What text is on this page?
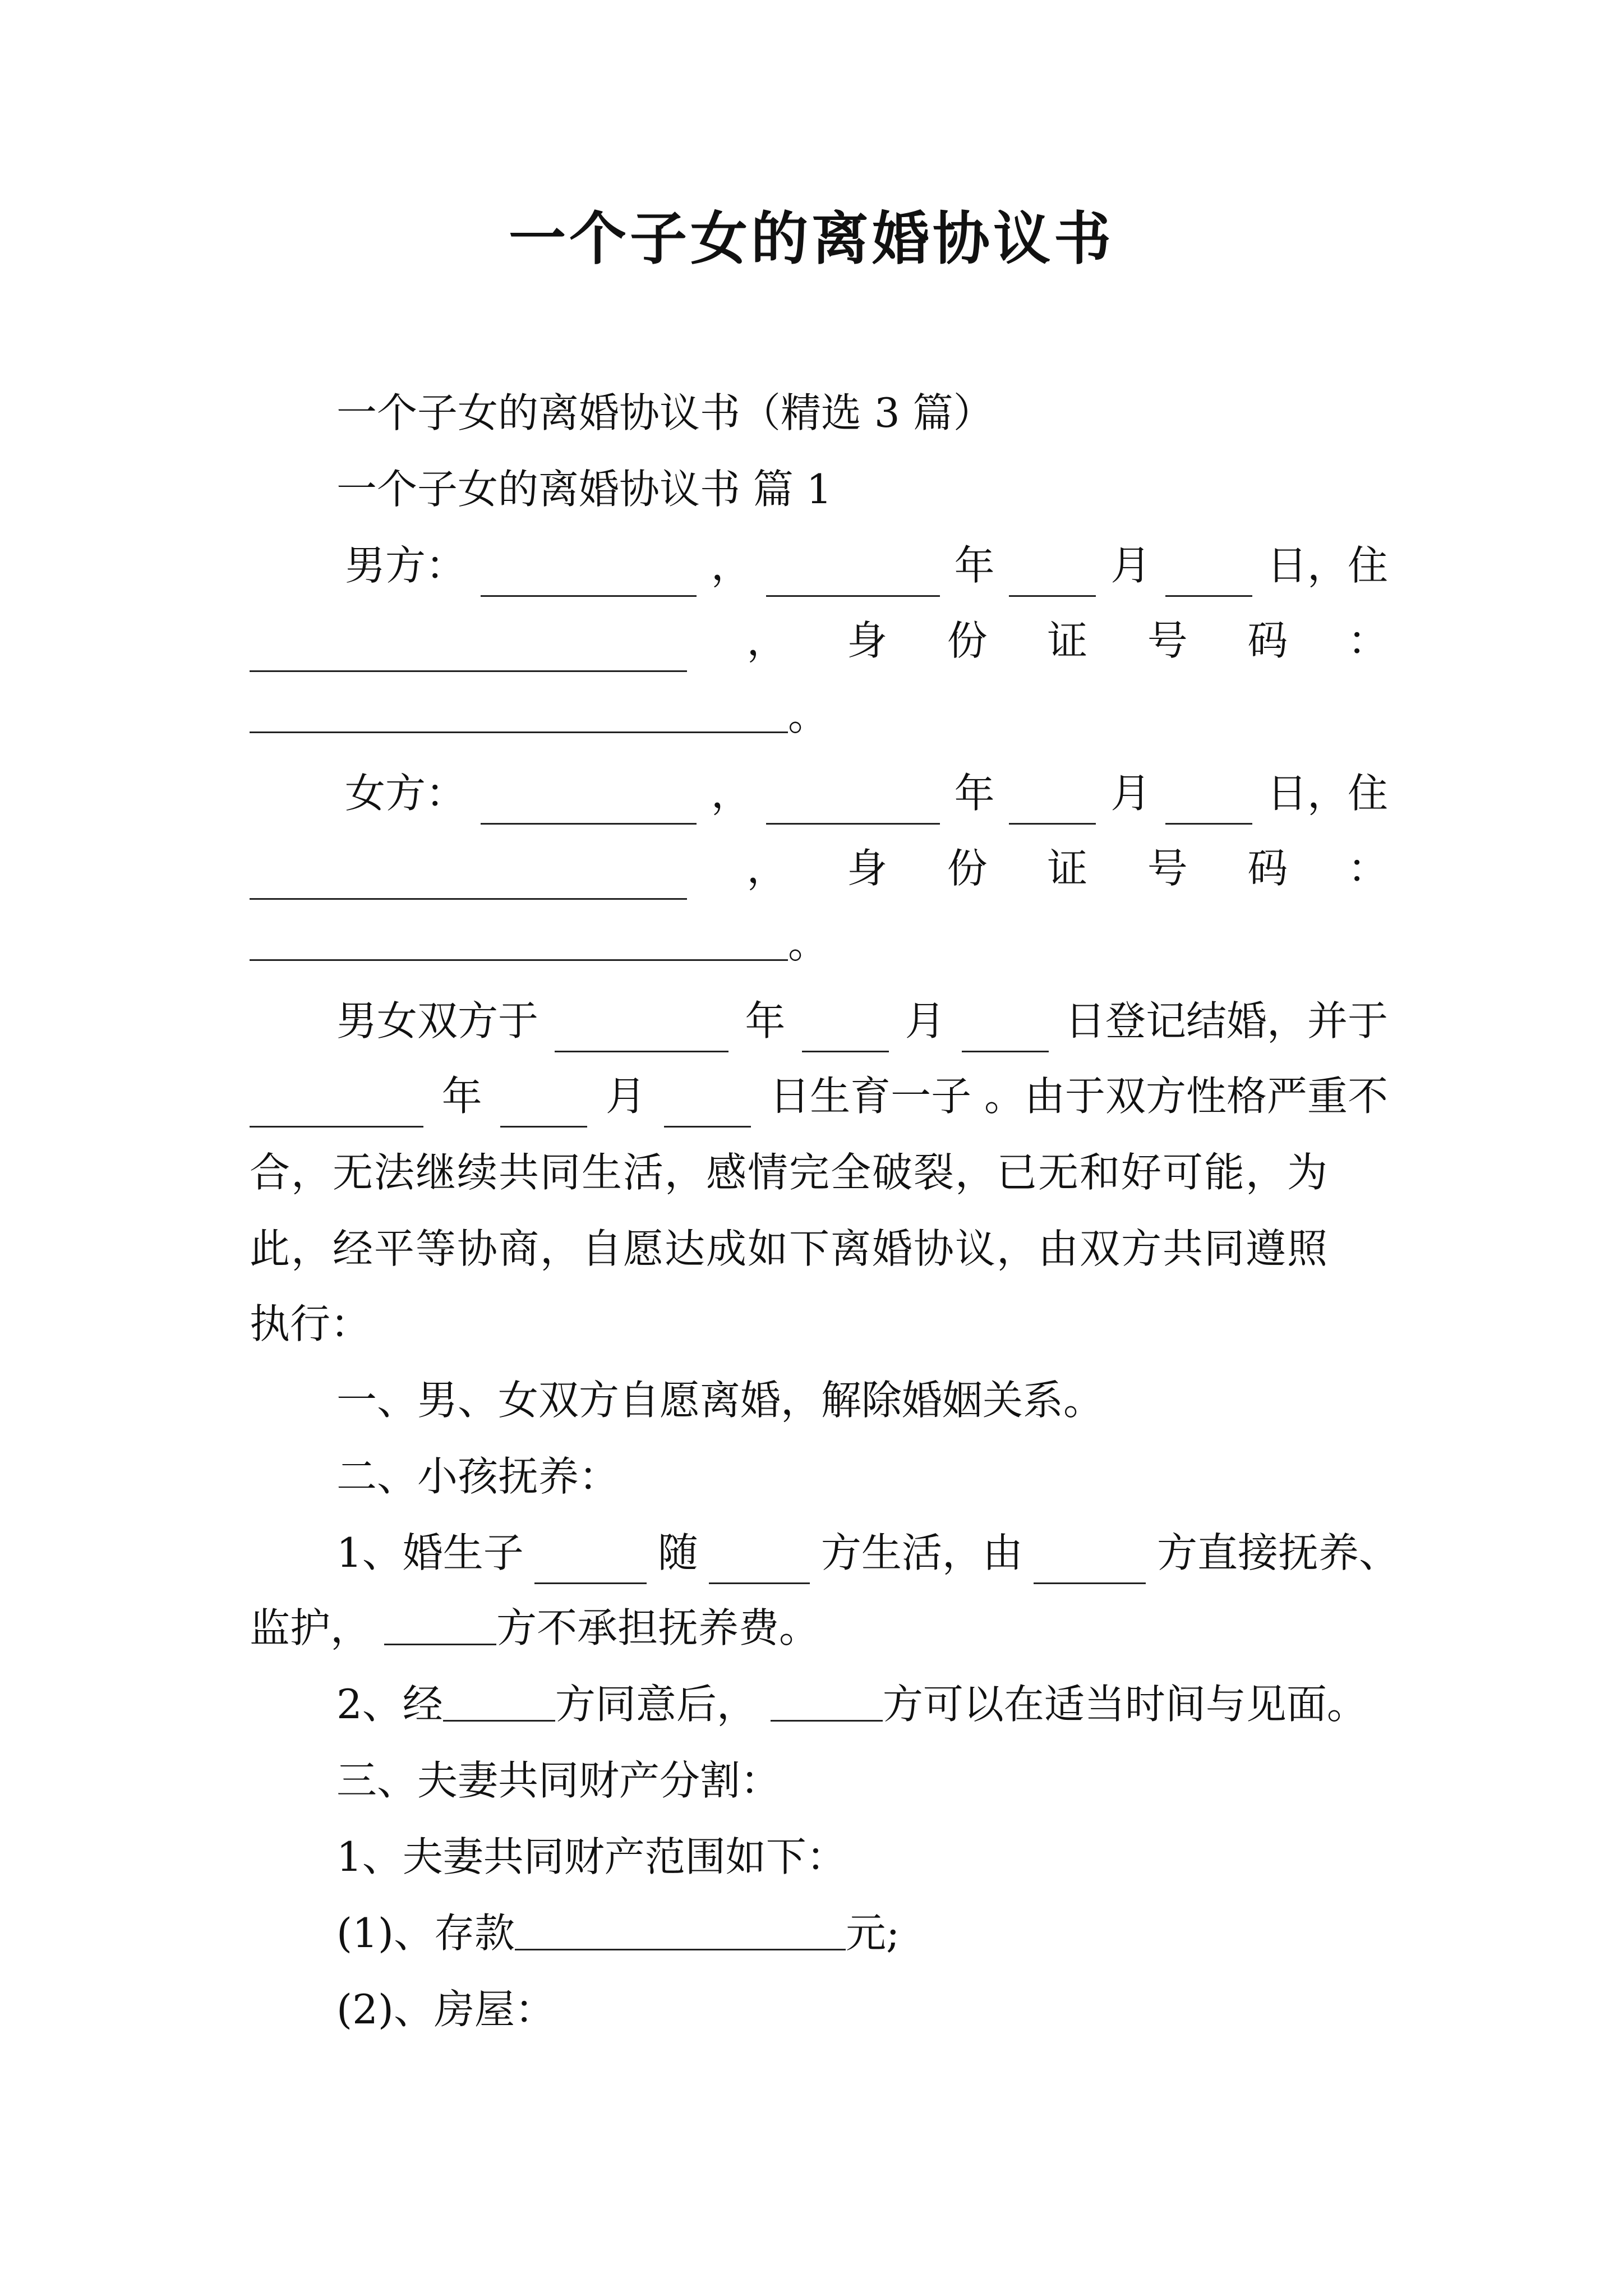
一个子女的离婚协议书
一个子女的离婚协议书（精选 3 篇）
一个子女的离婚协议书 篇 1
男方：	，	年	月	日，住
， 身 份 证 号 码 ：
。
女方：	，	年	月	日，住
， 身 份 证 号 码 ：
。
男女双方于	年	月	日登记结婚，并于
年	月	日生育一子 。由于双方性格严重不
合，无法继续共同生活，感情完全破裂，已无和好可能，为
此，经平等协商，自愿达成如下离婚协议，由双方共同遵照
执行：
一、男、女双方自愿离婚，解除婚姻关系。
二、小孩抚养：
1、婚生子	随	方生活，由	方直接抚养、
监护，	方不承担抚养费。
2、经	方同意后，	方可以在适当时间与见面。
三、夫妻共同财产分割：
1、夫妻共同财产范围如下：
(1)、存款	元;
(2)、房屋：
